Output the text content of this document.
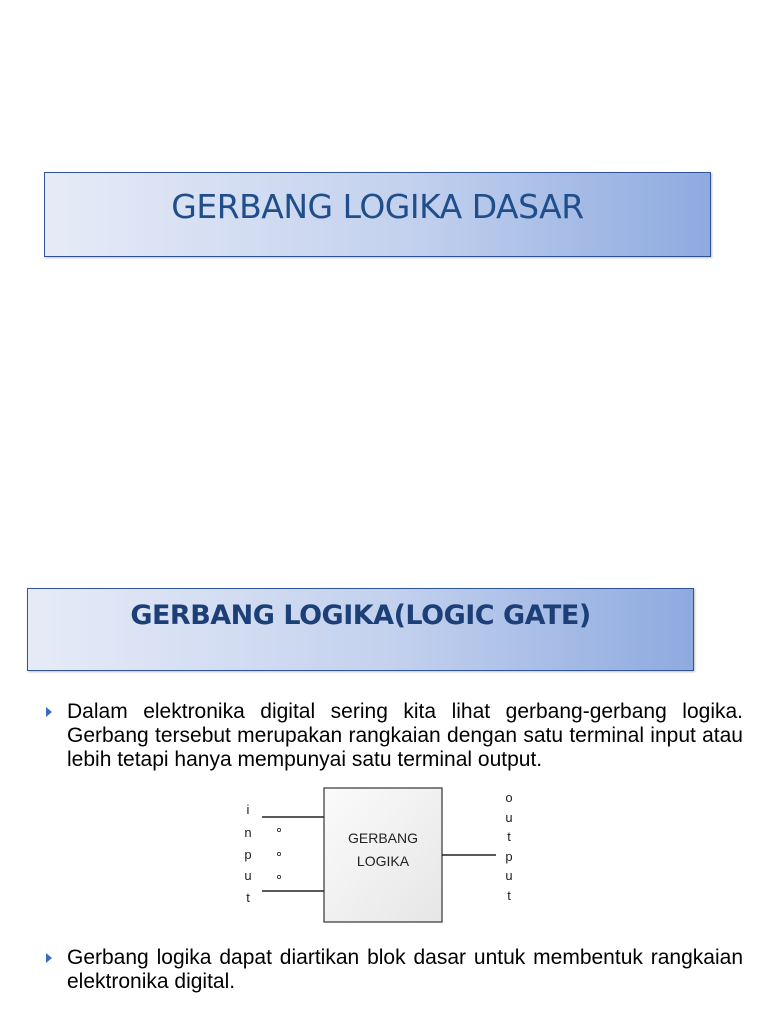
GERBANG LOGIKA DASAR
GERBANG LOGIKA(LOGIC GATE)
Dalam elektronika digital sering kita lihat gerbang-gerbang logika. Gerbang tersebut merupakan rangkaian dengan satu terminal input atau lebih tetapi hanya mempunyai satu terminal output.
i
n
p
u
t
GERBANG
LOGIKA
o
u
t
p
u
t
Gerbang logika dapat diartikan blok dasar untuk membentuk rangkaian elektronika digital.
